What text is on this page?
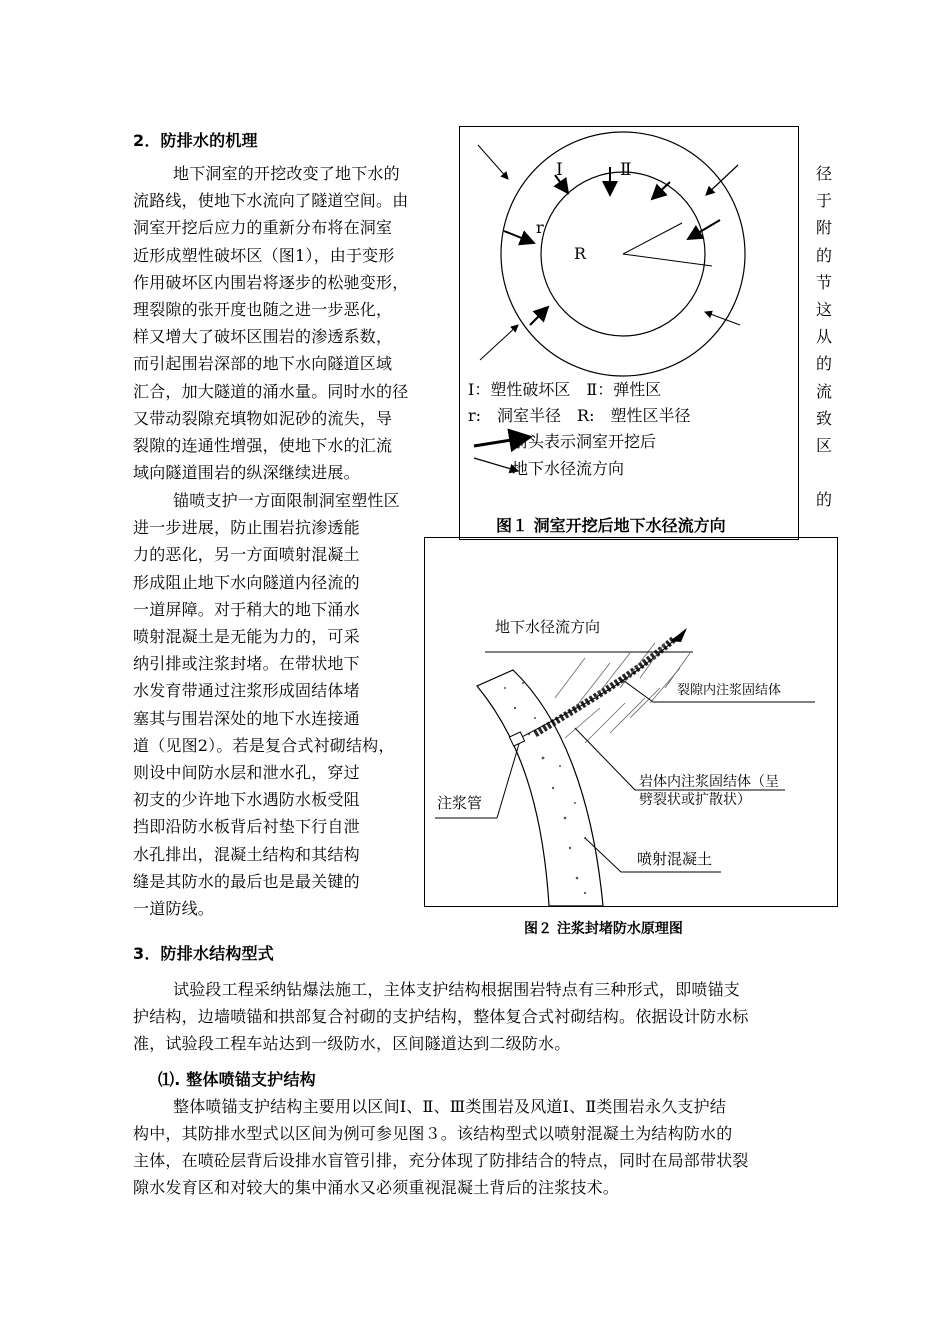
2．防排水的机理
地下洞室的开挖改变了地下水的
流路线，使地下水流向了隧道空间。由
洞室开挖后应力的重新分布将在洞室
近形成塑性破坏区（图1），由于变形
作用破坏区内围岩将逐步的松驰变形，
理裂隙的张开度也随之进一步恶化，
样又增大了破坏区围岩的渗透系数，
而引起围岩深部的地下水向隧道区域
汇合，加大隧道的涌水量。同时水的径
又带动裂隙充填物如泥砂的流失，导
裂隙的连通性增强，使地下水的汇流
域向隧道围岩的纵深继续进展。
径
于
附
的
节
这
从
的
流
致
区
的
锚喷支护一方面限制洞室塑性区
进一步进展，防止围岩抗渗透能
力的恶化，另一方面喷射混凝土
形成阻止地下水向隧道内径流的
一道屏障。对于稍大的地下涌水
喷射混凝土是无能为力的，可采
纳引排或注浆封堵。在带状地下
水发育带通过注浆形成固结体堵
塞其与围岩深处的地下水连接通
道（见图2）。若是复合式衬砌结构，
则设中间防水层和泄水孔，穿过
初支的少许地下水遇防水板受阻
挡即沿防水板背后衬垫下行自泄
水孔排出，混凝土结构和其结构
缝是其防水的最后也是最关键的
一道防线。
Ⅰ	Ⅱ
r
R
Ⅰ：塑性破坏区　Ⅱ：弹性区
r:　洞室半径　R:　塑性区半径
箭头表示洞室开挖后
地下水径流方向
图１ 洞室开挖后地下水径流方向
地下水径流方向
裂隙内注浆固结体
岩体内注浆固结体（呈
劈裂状或扩散状）
注浆管
喷射混凝土
图２ 注浆封堵防水原理图
3．防排水结构型式
试验段工程采纳钻爆法施工，主体支护结构根据围岩特点有三种形式，即喷锚支
护结构，边墙喷锚和拱部复合衬砌的支护结构，整体复合式衬砌结构。依据设计防水标
准，试验段工程车站达到一级防水，区间隧道达到二级防水。
⑴. 整体喷锚支护结构
整体喷锚支护结构主要用以区间Ⅰ、Ⅱ、Ⅲ类围岩及风道Ⅰ、Ⅱ类围岩永久支护结
构中，其防排水型式以区间为例可参见图３。该结构型式以喷射混凝土为结构防水的
主体，在喷砼层背后设排水盲管引排，充分体现了防排结合的特点，同时在局部带状裂
隙水发育区和对较大的集中涌水又必须重视混凝土背后的注浆技术。
